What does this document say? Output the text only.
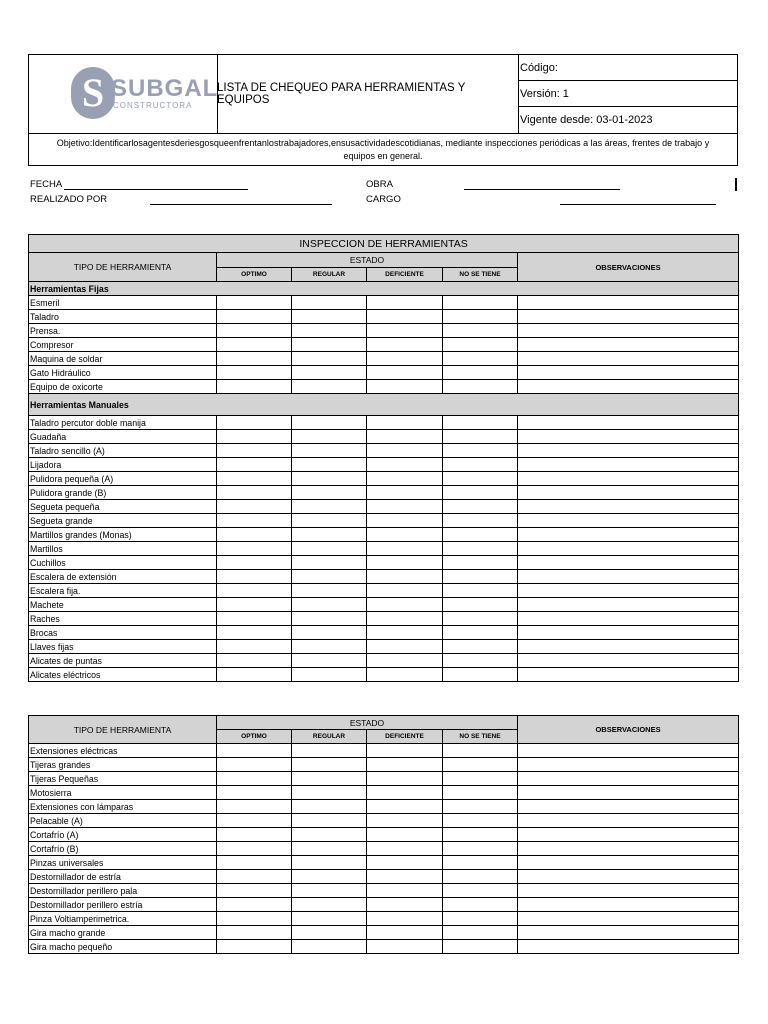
S SUBGAL
CONSTRUCTORA
LISTA DE CHEQUEO PARA HERRAMIENTAS Y EQUIPOS
Código:
Versión: 1
Vigente desde: 03-01-2023
Objetivo:Identificarlosagentesderiesgosqueenfrentanlostrabajadores,ensusactividadescotidianas, mediante inspecciones periódicas a las áreas, frentes de trabajo y equipos en general.
FECHA
REALIZADO POR
OBRA
CARGO
INSPECCION DE HERRAMIENTAS					
TIPO DE HERRAMIENTA	ESTADO				OBSERVACIONES
	OPTIMO	REGULAR	DEFICIENTE	NO SE TIENE	
Herramientas Fijas					
Esmeril					
Taladro					
Prensa.					
Compresor					
Maquina de soldar					
Gato Hidráulico					
Equipo de oxicorte					
Herramientas Manuales					
Taladro percutor doble manija					
Guadaña					
Taladro sencillo (A)					
Lijadora					
Pulidora pequeña (A)					
Pulidora grande (B)					
Segueta pequeña					
Segueta grande					
Martillos grandes (Monas)					
Martillos					
Cuchillos					
Escalera de extensión					
Escalera fija.					
Machete					
Raches					
Brocas					
Llaves fijas					
Alicates de puntas					
Alicates eléctricos					
TIPO DE HERRAMIENTA	ESTADO				OBSERVACIONES
	OPTIMO	REGULAR	DEFICIENTE	NO SE TIENE	
Extensiones eléctricas					
Tijeras grandes					
Tijeras Pequeñas					
Motosierra					
Extensiones con lámparas					
Pelacable (A)					
Cortafrío (A)					
Cortafrío (B)					
Pinzas universales					
Destornillador de estría					
Destornillador perillero pala					
Destornillador perillero estría					
Pinza Voltiamperimetrica.					
Gira macho grande					
Gira macho pequeño					
